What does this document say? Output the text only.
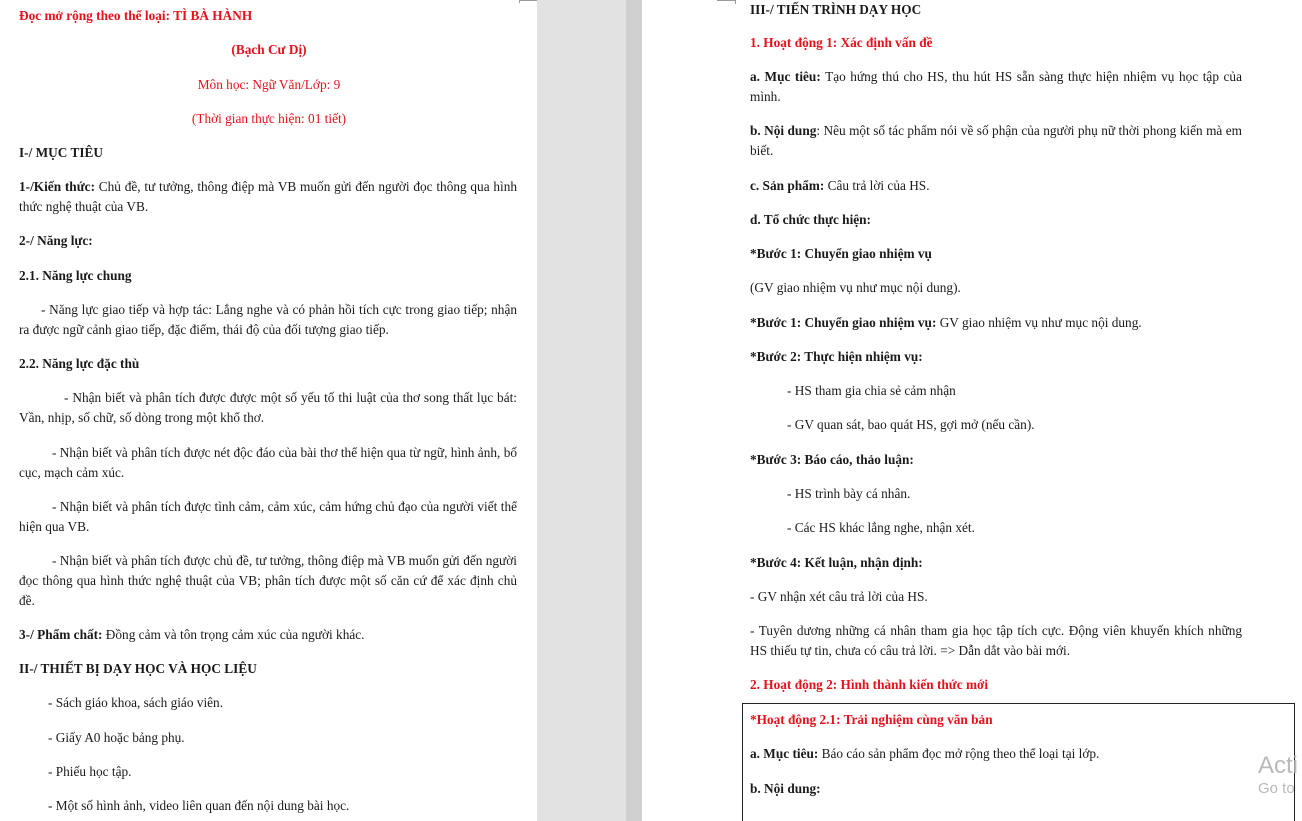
Đọc mở rộng theo thể loại: TÌ BÀ HÀNH

(Bạch Cư Dị)

Môn học: Ngữ Văn/Lớp: 9

(Thời gian thực hiện: 01 tiết)

I-/ MỤC TIÊU

1-/Kiến thức: Chủ đề, tư tưởng, thông điệp mà VB muốn gửi đến người đọc thông qua hình thức nghệ thuật của VB.

2-/ Năng lực:

2.1. Năng lực chung

- Năng lực giao tiếp và hợp tác: Lắng nghe và có phản hồi tích cực trong giao tiếp; nhận ra được ngữ cảnh giao tiếp, đặc điểm, thái độ của đối tượng giao tiếp.

2.2. Năng lực đặc thù

- Nhận biết và phân tích được được một số yếu tố thi luật của thơ song thất lục bát: Vần, nhịp, số chữ, số dòng trong một khổ thơ.

- Nhận biết và phân tích được nét độc đáo của bài thơ thể hiện qua từ ngữ, hình ảnh, bố cục, mạch cảm xúc.

- Nhận biết và phân tích được tình cảm, cảm xúc, cảm hứng chủ đạo của người viết thể hiện qua VB.

- Nhận biết và phân tích được chủ đề, tư tưởng, thông điệp mà VB muốn gửi đến người đọc thông qua hình thức nghệ thuật của VB; phân tích được một số căn cứ để xác định chủ đề.

3-/ Phẩm chất: Đồng cảm và tôn trọng cảm xúc của người khác.

II-/ THIẾT BỊ DẠY HỌC VÀ HỌC LIỆU

- Sách giáo khoa, sách giáo viên.

- Giấy A0 hoặc bảng phụ.

- Phiếu học tập.

- Một số hình ảnh, video liên quan đến nội dung bài học.

III-/ TIẾN TRÌNH DẠY HỌC

1. Hoạt động 1: Xác định vấn đề

a. Mục tiêu: Tạo hứng thú cho HS, thu hút HS sẵn sàng thực hiện nhiệm vụ học tập của mình.

b. Nội dung: Nêu một số tác phẩm nói về số phận của người phụ nữ thời phong kiến mà em biết.

c. Sản phẩm: Câu trả lời của HS.

d. Tổ chức thực hiện:

*Bước 1: Chuyển giao nhiệm vụ

(GV giao nhiệm vụ như mục nội dung).

*Bước 1: Chuyển giao nhiệm vụ: GV giao nhiệm vụ như mục nội dung.

*Bước 2: Thực hiện nhiệm vụ:

- HS tham gia chia sẻ cảm nhận

- GV quan sát, bao quát HS, gợi mở (nếu cần).

*Bước 3: Báo cáo, thảo luận:

- HS trình bày cá nhân.

- Các HS khác lắng nghe, nhận xét.

*Bước 4: Kết luận, nhận định:

- GV nhận xét câu trả lời của HS.

- Tuyên dương những cá nhân tham gia học tập tích cực. Động viên khuyến khích những HS thiếu tự tin, chưa có câu trả lời. => Dẫn dắt vào bài mới.

2. Hoạt động 2: Hình thành kiến thức mới

*Hoạt động 2.1: Trải nghiệm cùng văn bản

a. Mục tiêu: Báo cáo sản phẩm đọc mở rộng theo thể loại tại lớp.

b. Nội dung:

Acti
Go to
